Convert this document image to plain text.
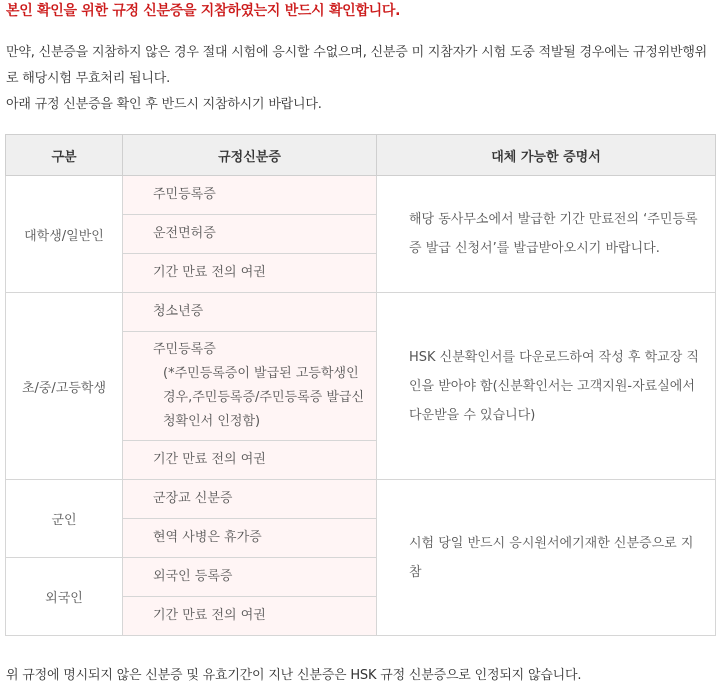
본인 확인을 위한 규정 신분증을 지참하였는지 반드시 확인합니다.

만약, 신분증을 지참하지 않은 경우 절대 시험에 응시할 수없으며, 신분증 미 지참자가 시험 도중 적발될 경우에는 규정위반행위로 해당시험 무효처리 됩니다.

아래 규정 신분증을 확인 후 반드시 지참하시기 바랍니다.

구분	규정신분증	대체 가능한 증명서
대학생/일반인	주민등록증	해당 동사무소에서 발급한 기간 만료전의 ‘주민등록증 발급 신청서’를 발급받아오시기 바랍니다.
	운전면허증	
	기간 만료 전의 여권	
초/중/고등학생	청소년증	HSK 신분확인서를 다운로드하여 작성 후 학교장 직인을 받아야 함(신분확인서는 고객지원-자료실에서 다운받을 수 있습니다)
	주민등록증
(*주민등록증이 발급된 고등학생인 경우,주민등록증/주민등록증 발급신청확인서 인정함)	

	기간 만료 전의 여권	
군인	군장교 신분증	시험 당일 반드시 응시원서에기재한 신분증으로 지참
	현역 사병은 휴가증	
외국인	외국인 등록증	
	기간 만료 전의 여권	

위 규정에 명시되지 않은 신분증 및 유효기간이 지난 신분증은 HSK 규정 신분증으로 인정되지 않습니다.
